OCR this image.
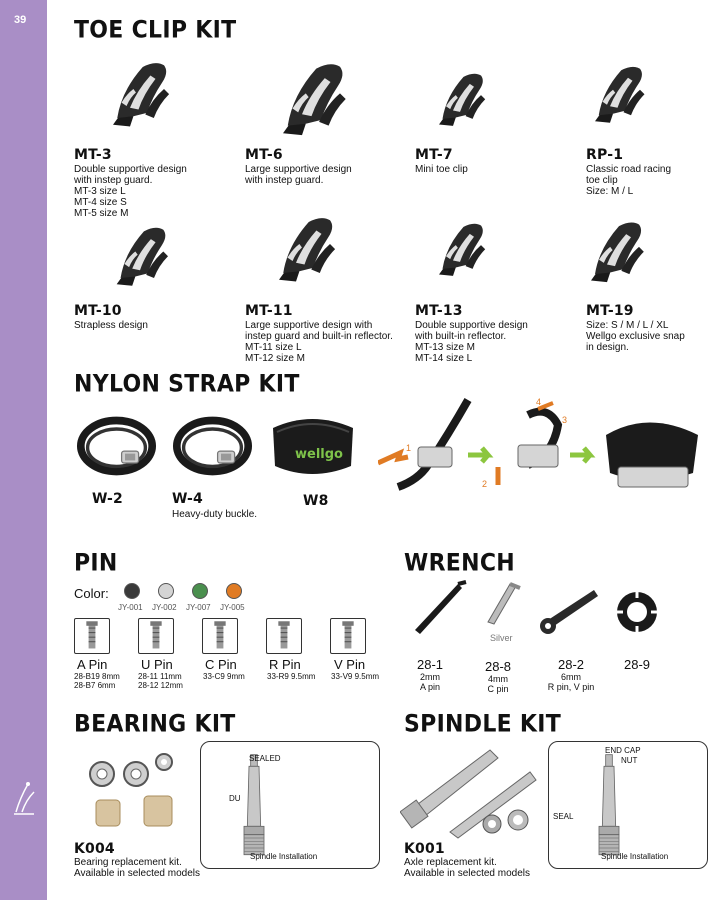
39 TOE CLIP KIT
MT-3
Double supportive design
with instep guard.
MT-3 size L
MT-4 size S
MT-5 size M
MT-6
Large supportive design
with instep guard.
MT-7
Mini toe clip
RP-1
Classic road racing
toe clip
Size: M / L
MT-10
Strapless design
MT-11
Large supportive design with
instep guard and built-in reflector.
MT-11 size L
MT-12 size M
MT-13
Double supportive design
with built-in reflector.
MT-13 size M
MT-14 size L
MT-19
Size: S / M / L / XL
Wellgo exclusive snap
in design.
NYLON STRAP KIT
wellgo
W-2	W-4
Heavy-duty buckle.
W8
1
4
2
3
PIN
Color:
JY-001 JY-002 JY-007 JY-005
A Pin
28-B19 8mm
28-B7 6mm
U Pin
28-11 11mm
28-12 12mm
C Pin
33-C9 9mm
R Pin
33-R9 9.5mm
V Pin
33-V9 9.5mm
WRENCH
Silver
28-1
2mm
A pin
28-8
4mm
C pin
28-2
6mm
R pin, V pin
28-9
BEARING KIT
K004
Bearing replacement kit.
Available in selected models
SEALED
DU
Spindle Installation
SPINDLE KIT
K001
Axle replacement kit.
Available in selected models
END CAP
NUT
SEAL
Spindle Installation
